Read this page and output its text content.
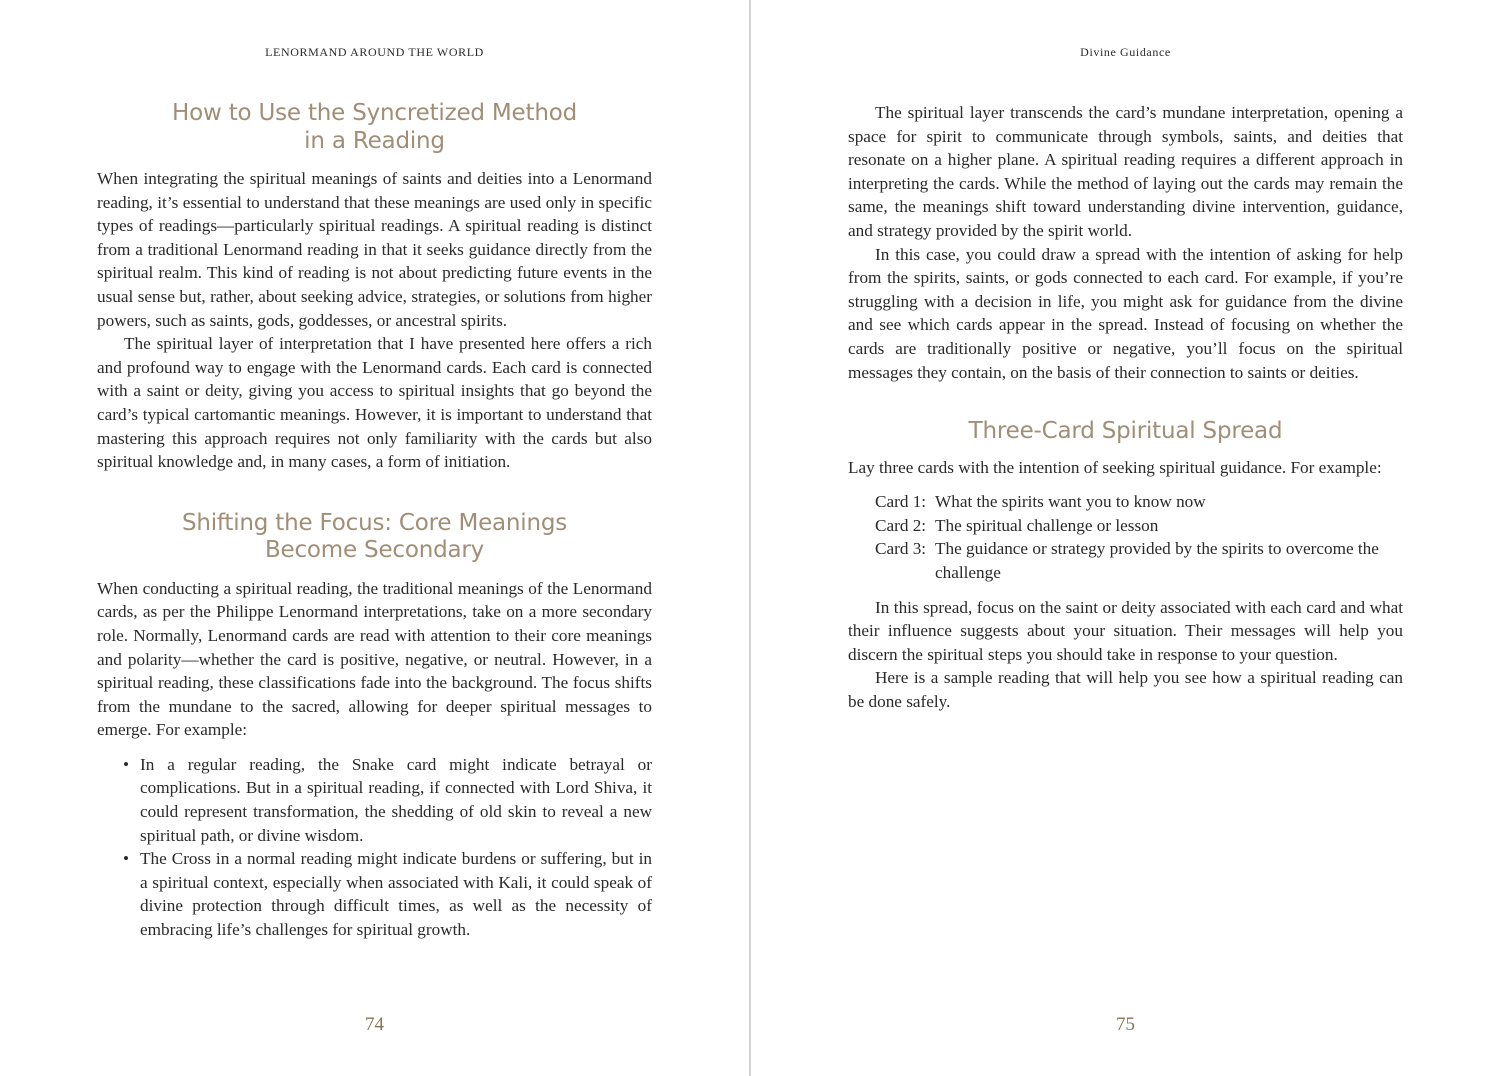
LENORMAND AROUND THE WORLD
How to Use the Syncretized Method
in a Reading

When integrating the spiritual meanings of saints and deities into a Lenormand reading, it’s essential to understand that these meanings are used only in specific types of readings—particularly spiritual readings. A spiritual reading is distinct from a traditional Lenormand reading in that it seeks guidance directly from the spiritual realm. This kind of reading is not about predicting future events in the usual sense but, rather, about seeking advice, strategies, or solutions from higher powers, such as saints, gods, goddesses, or ancestral spirits.

The spiritual layer of interpretation that I have presented here offers a rich and profound way to engage with the Lenormand cards. Each card is connected with a saint or deity, giving you access to spiritual insights that go beyond the card’s typical cartomantic meanings. However, it is important to understand that mastering this approach requires not only familiarity with the cards but also spiritual knowledge and, in many cases, a form of initiation.

Shifting the Focus: Core Meanings
Become Secondary

When conducting a spiritual reading, the traditional meanings of the Lenormand cards, as per the Philippe Lenormand interpretations, take on a more secondary role. Normally, Lenormand cards are read with attention to their core meanings and polarity—whether the card is positive, negative, or neutral. However, in a spiritual reading, these classifications fade into the background. The focus shifts from the mundane to the sacred, allowing for deeper spiritual messages to emerge. For example:

• In a regular reading, the Snake card might indicate betrayal or complications. But in a spiritual reading, if connected with Lord Shiva, it could represent transformation, the shedding of old skin to reveal a new spiritual path, or divine wisdom.
• The Cross in a normal reading might indicate burdens or suffering, but in a spiritual context, especially when associated with Kali, it could speak of divine protection through difficult times, as well as the necessity of embracing life’s challenges for spiritual growth.
74
Divine Guidance

The spiritual layer transcends the card’s mundane interpretation, opening a space for spirit to communicate through symbols, saints, and deities that resonate on a higher plane. A spiritual reading requires a different approach in interpreting the cards. While the method of laying out the cards may remain the same, the meanings shift toward understanding divine intervention, guidance, and strategy provided by the spirit world.

In this case, you could draw a spread with the intention of asking for help from the spirits, saints, or gods connected to each card. For example, if you’re struggling with a decision in life, you might ask for guidance from the divine and see which cards appear in the spread. Instead of focusing on whether the cards are traditionally positive or negative, you’ll focus on the spiritual messages they contain, on the basis of their connection to saints or deities.

Three-Card Spiritual Spread

Lay three cards with the intention of seeking spiritual guidance. For example:

Card 1: What the spirits want you to know now
Card 2: The spiritual challenge or lesson
Card 3: The guidance or strategy provided by the spirits to overcome the challenge

In this spread, focus on the saint or deity associated with each card and what their influence suggests about your situation. Their messages will help you discern the spiritual steps you should take in response to your question.

Here is a sample reading that will help you see how a spiritual reading can be done safely.

75
